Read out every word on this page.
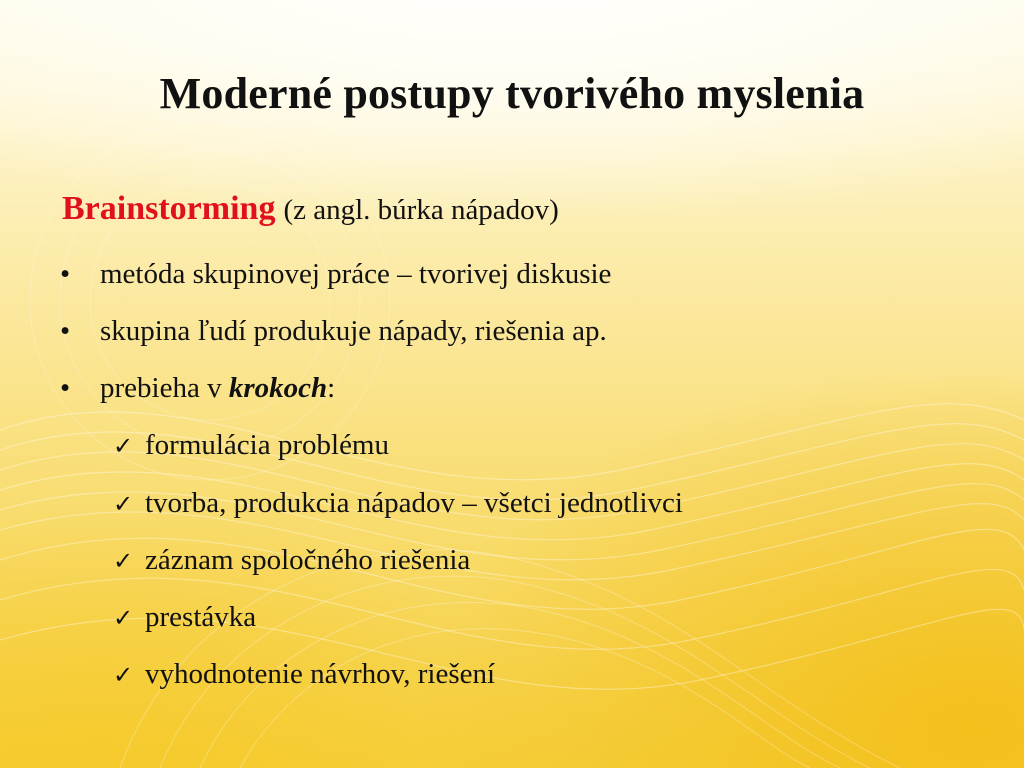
Moderné postupy tvorivého myslenia
Brainstorming (z angl. búrka nápadov)
• metóda skupinovej práce – tvorivej diskusie
• skupina ľudí produkuje nápady, riešenia ap.
• prebieha v krokoch:
✓ formulácia problému
✓ tvorba, produkcia nápadov – všetci jednotlivci
✓ záznam spoločného riešenia
✓ prestávka
✓ vyhodnotenie návrhov, riešení
